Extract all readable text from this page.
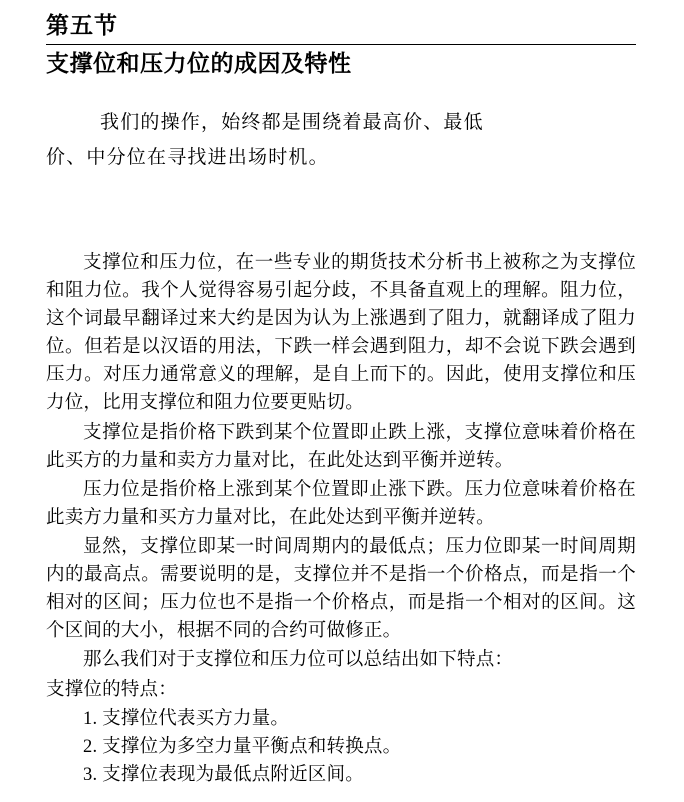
第五节
支撑位和压力位的成因及特性
我们的操作，始终都是围绕着最高价、最低
价、中分位在寻找进出场时机。

支撑位和压力位，在一些专业的期货技术分析书上被称之为支撑位和阻力位。我个人觉得容易引起分歧，不具备直观上的理解。阻力位，这个词最早翻译过来大约是因为认为上涨遇到了阻力，就翻译成了阻力位。但若是以汉语的用法，下跌一样会遇到阻力，却不会说下跌会遇到压力。对压力通常意义的理解，是自上而下的。因此，使用支撑位和压力位，比用支撑位和阻力位要更贴切。

支撑位是指价格下跌到某个位置即止跌上涨，支撑位意味着价格在此买方的力量和卖方力量对比，在此处达到平衡并逆转。

压力位是指价格上涨到某个位置即止涨下跌。压力位意味着价格在此卖方力量和买方力量对比，在此处达到平衡并逆转。

显然，支撑位即某一时间周期内的最低点；压力位即某一时间周期内的最高点。需要说明的是，支撑位并不是指一个价格点，而是指一个相对的区间；压力位也不是指一个价格点，而是指一个相对的区间。这个区间的大小，根据不同的合约可做修正。

那么我们对于支撑位和压力位可以总结出如下特点：

支撑位的特点：

1. 支撑位代表买方力量。
2. 支撑位为多空力量平衡点和转换点。
3. 支撑位表现为最低点附近区间。
